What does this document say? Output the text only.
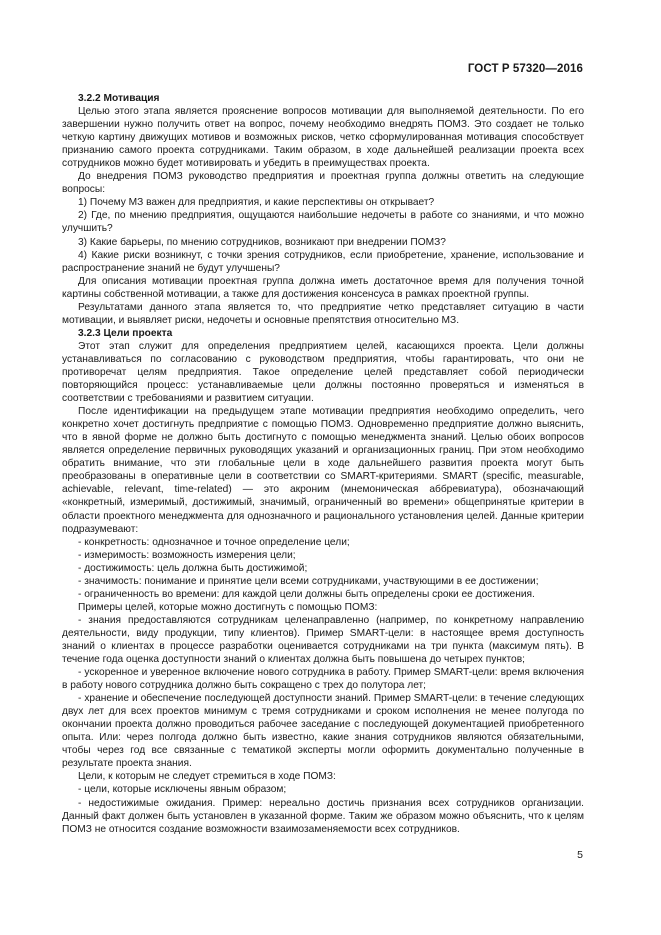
ГОСТ Р 57320—2016
3.2.2 Мотивация

Целью этого этапа является прояснение вопросов мотивации для выполняемой деятельности. По его завершении нужно получить ответ на вопрос, почему необходимо внедрять ПОМЗ. Это создает не только четкую картину движущих мотивов и возможных рисков, четко сформулированная мотивация способствует признанию самого проекта сотрудниками. Таким образом, в ходе дальнейшей реализации проекта всех сотрудников можно будет мотивировать и убедить в преимуществах проекта.

До внедрения ПОМЗ руководство предприятия и проектная группа должны ответить на следующие вопросы:

1) Почему МЗ важен для предприятия, и какие перспективы он открывает?

2) Где, по мнению предприятия, ощущаются наибольшие недочеты в работе со знаниями, и что можно улучшить?

3) Какие барьеры, по мнению сотрудников, возникают при внедрении ПОМЗ?

4) Какие риски возникнут, с точки зрения сотрудников, если приобретение, хранение, использование и распространение знаний не будут улучшены?

Для описания мотивации проектная группа должна иметь достаточное время для получения точной картины собственной мотивации, а также для достижения консенсуса в рамках проектной группы.

Результатами данного этапа является то, что предприятие четко представляет ситуацию в части мотивации, и выявляет риски, недочеты и основные препятствия относительно МЗ.

3.2.3 Цели проекта

Этот этап служит для определения предприятием целей, касающихся проекта. Цели должны устанавливаться по согласованию с руководством предприятия, чтобы гарантировать, что они не противоречат целям предприятия. Такое определение целей представляет собой периодически повторяющийся процесс: устанавливаемые цели должны постоянно проверяться и изменяться в соответствии с требованиями и развитием ситуации.

После идентификации на предыдущем этапе мотивации предприятия необходимо определить, чего конкретно хочет достигнуть предприятие с помощью ПОМЗ. Одновременно предприятие должно выяснить, что в явной форме не должно быть достигнуто с помощью менеджмента знаний. Целью обоих вопросов является определение первичных руководящих указаний и организационных границ. При этом необходимо обратить внимание, что эти глобальные цели в ходе дальнейшего развития проекта могут быть преобразованы в оперативные цели в соответствии со SMART-критериями. SMART (specific, measurable, achievable, relevant, time-related) — это акроним (мнемоническая аббревиатура), обозначающий «конкретный, измеримый, достижимый, значимый, ограниченный во времени» общепринятые критерии в области проектного менеджмента для однозначного и рационального установления целей. Данные критерии подразумевают:

- конкретность: однозначное и точное определение цели;

- измеримость: возможность измерения цели;

- достижимость: цель должна быть достижимой;

- значимость: понимание и принятие цели всеми сотрудниками, участвующими в ее достижении;

- ограниченность во времени: для каждой цели должны быть определены сроки ее достижения.

Примеры целей, которые можно достигнуть с помощью ПОМЗ:

- знания предоставляются сотрудникам целенаправленно (например, по конкретному направлению деятельности, виду продукции, типу клиентов). Пример SMART-цели: в настоящее время доступность знаний о клиентах в процессе разработки оценивается сотрудниками на три пункта (максимум пять). В течение года оценка доступности знаний о клиентах должна быть повышена до четырех пунктов;

- ускоренное и уверенное включение нового сотрудника в работу. Пример SMART-цели: время включения в работу нового сотрудника должно быть сокращено с трех до полутора лет;

- хранение и обеспечение последующей доступности знаний. Пример SMART-цели: в течение следующих двух лет для всех проектов минимум с тремя сотрудниками и сроком исполнения не менее полугода по окончании проекта должно проводиться рабочее заседание с последующей документацией приобретенного опыта. Или: через полгода должно быть известно, какие знания сотрудников являются обязательными, чтобы через год все связанные с тематикой эксперты могли оформить документально полученные в результате проекта знания.

Цели, к которым не следует стремиться в ходе ПОМЗ:

- цели, которые исключены явным образом;

- недостижимые ожидания. Пример: нереально достичь признания всех сотрудников организации. Данный факт должен быть установлен в указанной форме. Таким же образом можно объяснить, что к целям ПОМЗ не относится создание возможности взаимозаменяемости всех сотрудников.

5
